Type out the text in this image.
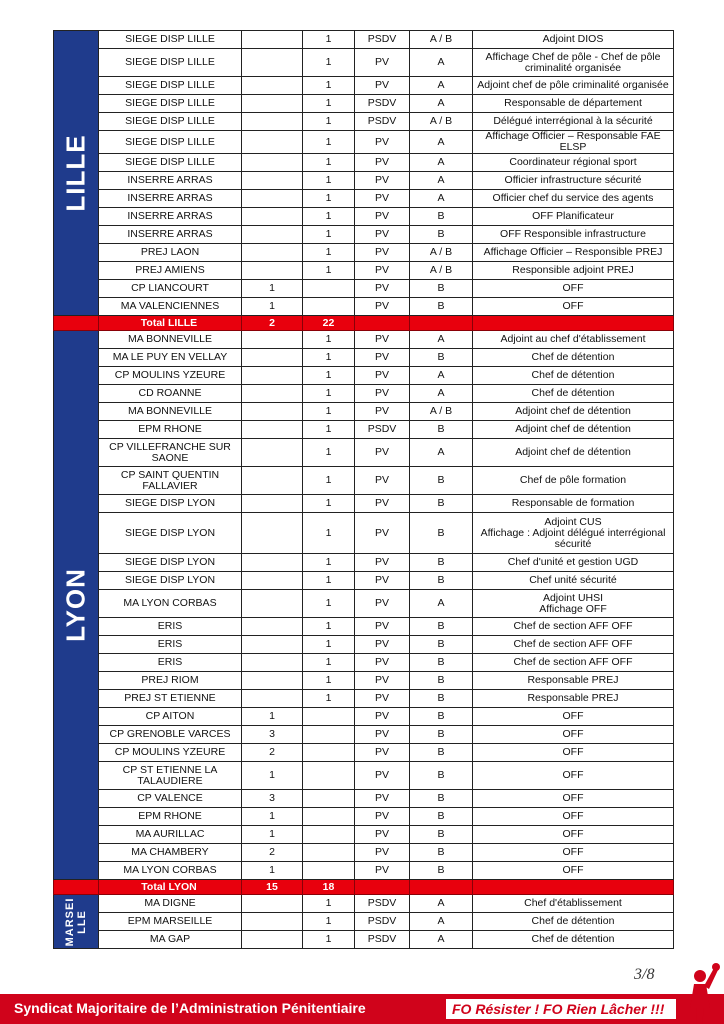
LILLE	SIEGE DISP LILLE		1	PSDV	A / B	Adjoint DIOS
	SIEGE DISP LILLE		1	PV	A	Affichage Chef de pôle - Chef de pôle criminalité organisée
	SIEGE DISP LILLE		1	PV	A	Adjoint chef de pôle criminalité organisée
	SIEGE DISP LILLE		1	PSDV	A	Responsable de département
	SIEGE DISP LILLE		1	PSDV	A / B	Délégué interrégional à la sécurité
	SIEGE DISP LILLE		1	PV	A	Affichage Officier – Responsable FAE ELSP
	SIEGE DISP LILLE		1	PV	A	Coordinateur régional sport
	INSERRE ARRAS		1	PV	A	Officier infrastructure sécurité
	INSERRE ARRAS		1	PV	A	Officier chef du service des agents
	INSERRE ARRAS		1	PV	B	OFF Planificateur
	INSERRE ARRAS		1	PV	B	OFF Responsible infrastructure
	PREJ LAON		1	PV	A / B	Affichage Officier – Responsible PREJ
	PREJ AMIENS		1	PV	A / B	Responsible adjoint PREJ
	CP LIANCOURT	1		PV	B	OFF
	MA VALENCIENNES	1		PV	B	OFF
	Total LILLE	2	22			

LYON	MA BONNEVILLE		1	PV	A	Adjoint au chef d'établissement
	MA LE PUY EN VELLAY		1	PV	B	Chef de détention
	CP MOULINS YZEURE		1	PV	A	Chef de détention
	CD ROANNE		1	PV	A	Chef de détention
	MA BONNEVILLE		1	PV	A / B	Adjoint chef de détention
	EPM RHONE		1	PSDV	B	Adjoint chef de détention
	CP VILLEFRANCHE SUR SAONE		1	PV	A	Adjoint chef de détention
	CP SAINT QUENTIN FALLAVIER		1	PV	B	Chef de pôle formation
	SIEGE DISP LYON		1	PV	B	Responsable de formation
	SIEGE DISP LYON		1	PV	B	Adjoint CUS
Affichage : Adjoint délégué interrégional sécurité
	SIEGE DISP LYON		1	PV	B	Chef d'unité et gestion UGD
	SIEGE DISP LYON		1	PV	B	Chef unité sécurité
	MA LYON CORBAS		1	PV	A	Adjoint UHSI
Affichage OFF
	ERIS		1	PV	B	Chef de section AFF OFF
	ERIS		1	PV	B	Chef de section AFF OFF
	ERIS		1	PV	B	Chef de section AFF OFF
	PREJ RIOM		1	PV	B	Responsable PREJ
	PREJ ST ETIENNE		1	PV	B	Responsable PREJ
	CP AITON	1		PV	B	OFF
	CP GRENOBLE VARCES	3		PV	B	OFF
	CP MOULINS YZEURE	2		PV	B	OFF
	CP ST ETIENNE LA TALAUDIERE	1		PV	B	OFF
	CP VALENCE	3		PV	B	OFF
	EPM RHONE	1		PV	B	OFF
	MA AURILLAC	1		PV	B	OFF
	MA CHAMBERY	2		PV	B	OFF
	MA LYON CORBAS	1		PV	B	OFF
	Total LYON	15	18			

MARSEI LLE	MA DIGNE		1	PSDV	A	Chef d'établissement
	EPM MARSEILLE		1	PSDV	A	Chef de détention
	MA GAP		1	PSDV	A	Chef de détention
3/8
Syndicat Majoritaire de l’Administration Pénitentiaire	FO Résister ! FO Rien Lâcher !!!
